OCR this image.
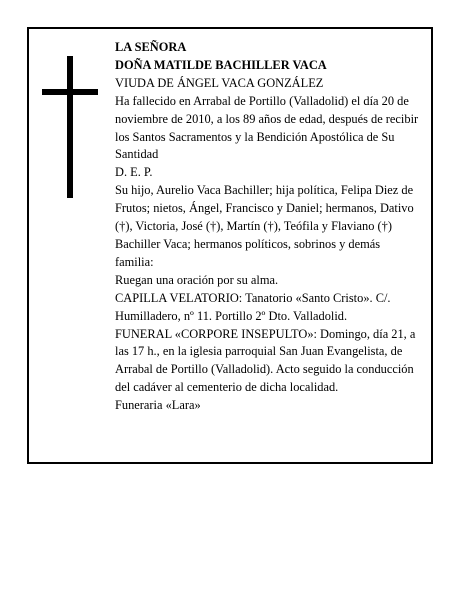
LA SEÑORA

DOÑA MATILDE BACHILLER VACA

VIUDA DE ÁNGEL VACA GONZÁLEZ

Ha fallecido en Arrabal de Portillo (Valladolid) el día 20 de noviembre de 2010, a los 89 años de edad, después de recibir los Santos Sacramentos y la Bendición Apostólica de Su Santidad

D. E. P.

Su hijo, Aurelio Vaca Bachiller; hija política, Felipa Diez de Frutos; nietos, Ángel, Francisco y Daniel; hermanos, Dativo (†), Victoria, José (†), Martín (†), Teófila y Flaviano (†) Bachiller Vaca; hermanos políticos, sobrinos y demás familia:

Ruegan una oración por su alma.

CAPILLA VELATORIO: Tanatorio «Santo Cristo». C/. Humilladero, nº 11. Portillo 2º Dto. Valladolid.

FUNERAL «CORPORE INSEPULTO»: Domingo, día 21, a las 17 h., en la iglesia parroquial San Juan Evangelista, de Arrabal de Portillo (Valladolid). Acto seguido la conducción del cadáver al cementerio de dicha localidad.

Funeraria «Lara»
